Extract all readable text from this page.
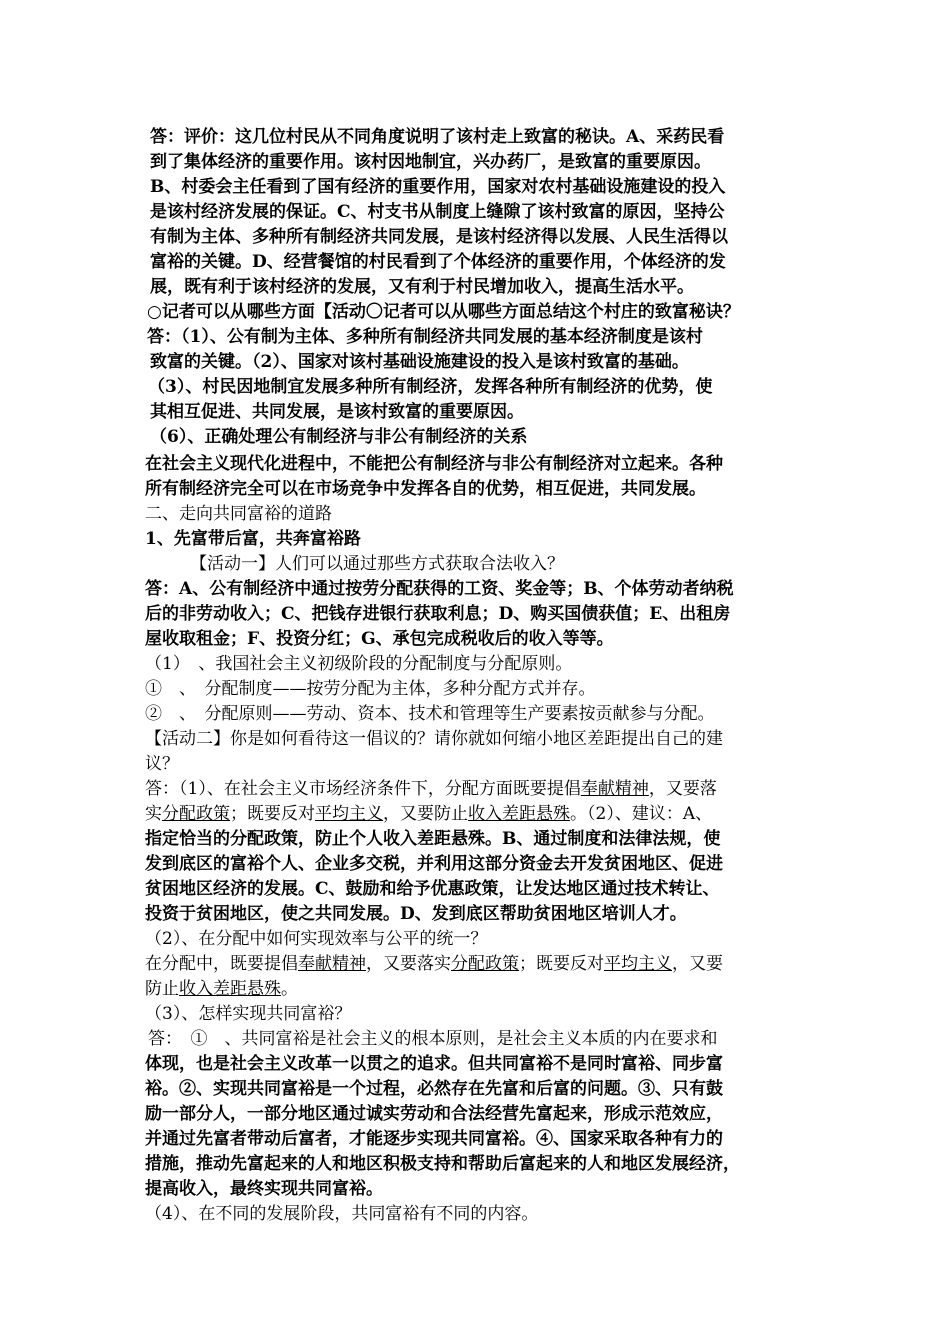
答：评价：这几位村民从不同角度说明了该村走上致富的秘诀。A、采药民看
到了集体经济的重要作用。该村因地制宜，兴办药厂，是致富的重要原因。
B、村委会主任看到了国有经济的重要作用，国家对农村基础设施建设的投入
是该村经济发展的保证。C、村支书从制度上缝隙了该村致富的原因，坚持公
有制为主体、多种所有制经济共同发展，是该村经济得以发展、人民生活得以
富裕的关键。D、经营餐馆的村民看到了个体经济的重要作用，个体经济的发
展，既有利于该村经济的发展，又有利于村民增加收入，提高生活水平。
○记者可以从哪些方面【活动〇记者可以从哪些方面总结这个村庄的致富秘诀？
答：（1）、公有制为主体、多种所有制经济共同发展的基本经济制度是该村
致富的关键。（2）、国家对该村基础设施建设的投入是该村致富的基础。
（3）、村民因地制宜发展多种所有制经济，发挥各种所有制经济的优势，使
其相互促进、共同发展，是该村致富的重要原因。
（6）、正确处理公有制经济与非公有制经济的关系
在社会主义现代化进程中，不能把公有制经济与非公有制经济对立起来。各种
所有制经济完全可以在市场竞争中发挥各自的优势，相互促进，共同发展。
二、走向共同富裕的道路
1、先富带后富，共奔富裕路
【活动一】人们可以通过那些方式获取合法收入？
答：A、公有制经济中通过按劳分配获得的工资、奖金等；B、个体劳动者纳税
后的非劳动收入；C、把钱存进银行获取利息；D、购买国债获值；E、出租房
屋收取租金；F、投资分红；G、承包完成税收后的收入等等。
（1）　、我国社会主义初级阶段的分配制度与分配原则。
①　、　分配制度——按劳分配为主体，多种分配方式并存。
②　、　分配原则——劳动、资本、技术和管理等生产要素按贡献参与分配。
【活动二】你是如何看待这一倡议的？请你就如何缩小地区差距提出自己的建
议？
答：（1）、在社会主义市场经济条件下，分配方面既要提倡奉献精神，又要落
实分配政策；既要反对平均主义，又要防止收入差距悬殊。（2）、建议：A、
指定恰当的分配政策，防止个人收入差距悬殊。B、通过制度和法律法规，使
发到底区的富裕个人、企业多交税，并利用这部分资金去开发贫困地区、促进
贫困地区经济的发展。C、鼓励和给予优惠政策，让发达地区通过技术转让、
投资于贫困地区，使之共同发展。D、发到底区帮助贫困地区培训人才。
（2）、在分配中如何实现效率与公平的统一？
在分配中，既要提倡奉献精神，又要落实分配政策；既要反对平均主义，又要
防止收入差距悬殊。
（3）、怎样实现共同富裕？
答：　①　、共同富裕是社会主义的根本原则，是社会主义本质的内在要求和
体现，也是社会主义改革一以贯之的追求。但共同富裕不是同时富裕、同步富
裕。②、实现共同富裕是一个过程，必然存在先富和后富的问题。③、只有鼓
励一部分人，一部分地区通过诚实劳动和合法经营先富起来，形成示范效应，
并通过先富者带动后富者，才能逐步实现共同富裕。④、国家采取各种有力的
措施，推动先富起来的人和地区积极支持和帮助后富起来的人和地区发展经济，
提高收入，最终实现共同富裕。
（4）、在不同的发展阶段，共同富裕有不同的内容。
